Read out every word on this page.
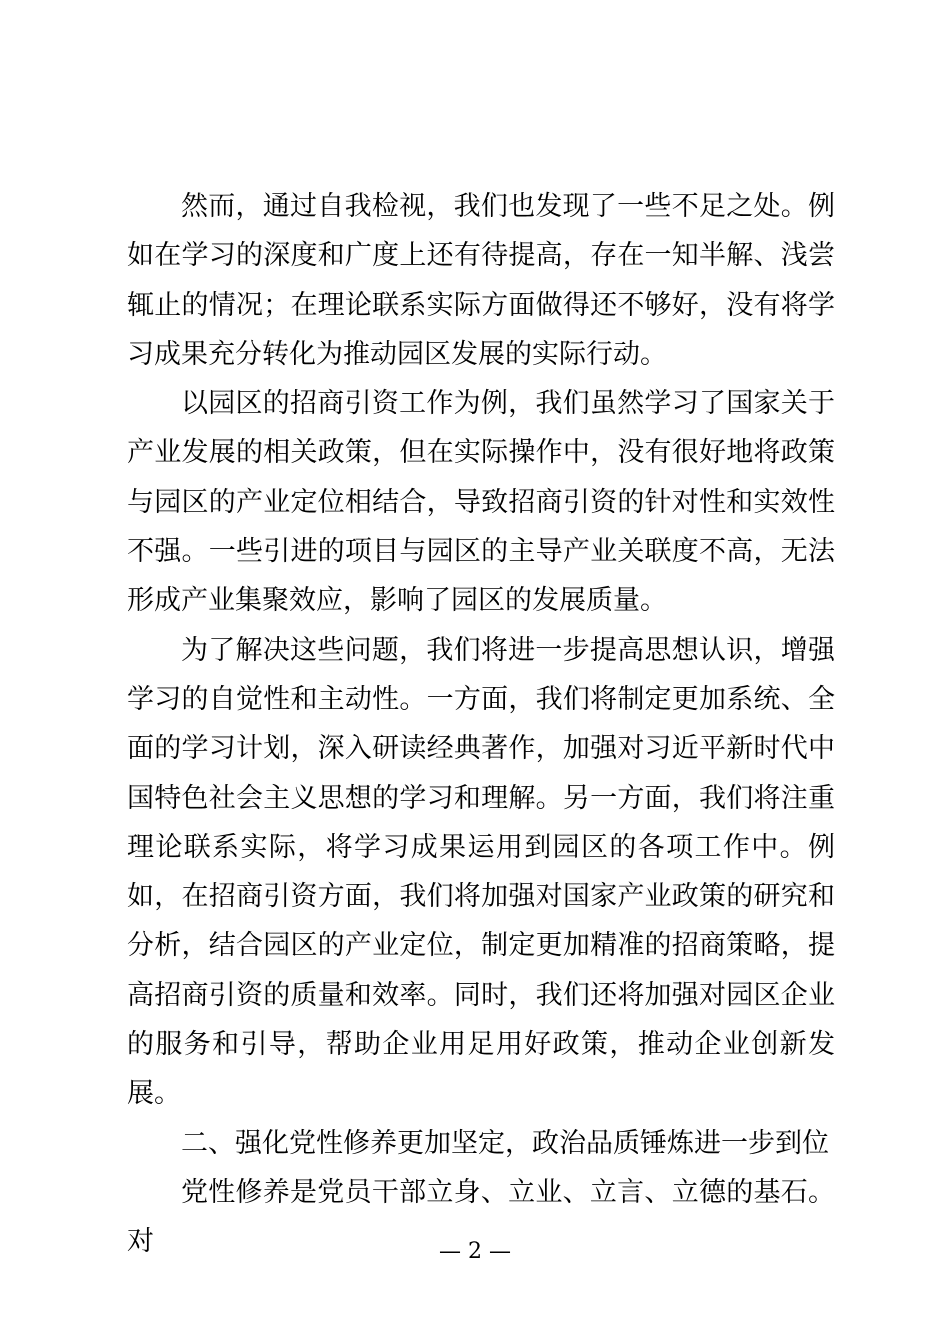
然而，通过自我检视，我们也发现了一些不足之处。例如在学习的深度和广度上还有待提高，存在一知半解、浅尝辄止的情况；在理论联系实际方面做得还不够好，没有将学习成果充分转化为推动园区发展的实际行动。

以园区的招商引资工作为例，我们虽然学习了国家关于产业发展的相关政策，但在实际操作中，没有很好地将政策与园区的产业定位相结合，导致招商引资的针对性和实效性不强。一些引进的项目与园区的主导产业关联度不高，无法形成产业集聚效应，影响了园区的发展质量。

为了解决这些问题，我们将进一步提高思想认识，增强学习的自觉性和主动性。一方面，我们将制定更加系统、全面的学习计划，深入研读经典著作，加强对习近平新时代中国特色社会主义思想的学习和理解。另一方面，我们将注重理论联系实际，将学习成果运用到园区的各项工作中。例如，在招商引资方面，我们将加强对国家产业政策的研究和分析，结合园区的产业定位，制定更加精准的招商策略，提高招商引资的质量和效率。同时，我们还将加强对园区企业的服务和引导，帮助企业用足用好政策，推动企业创新发展。

二、强化党性修养更加坚定，政治品质锤炼进一步到位

党性修养是党员干部立身、立业、立言、立德的基石。对	— 2 —
